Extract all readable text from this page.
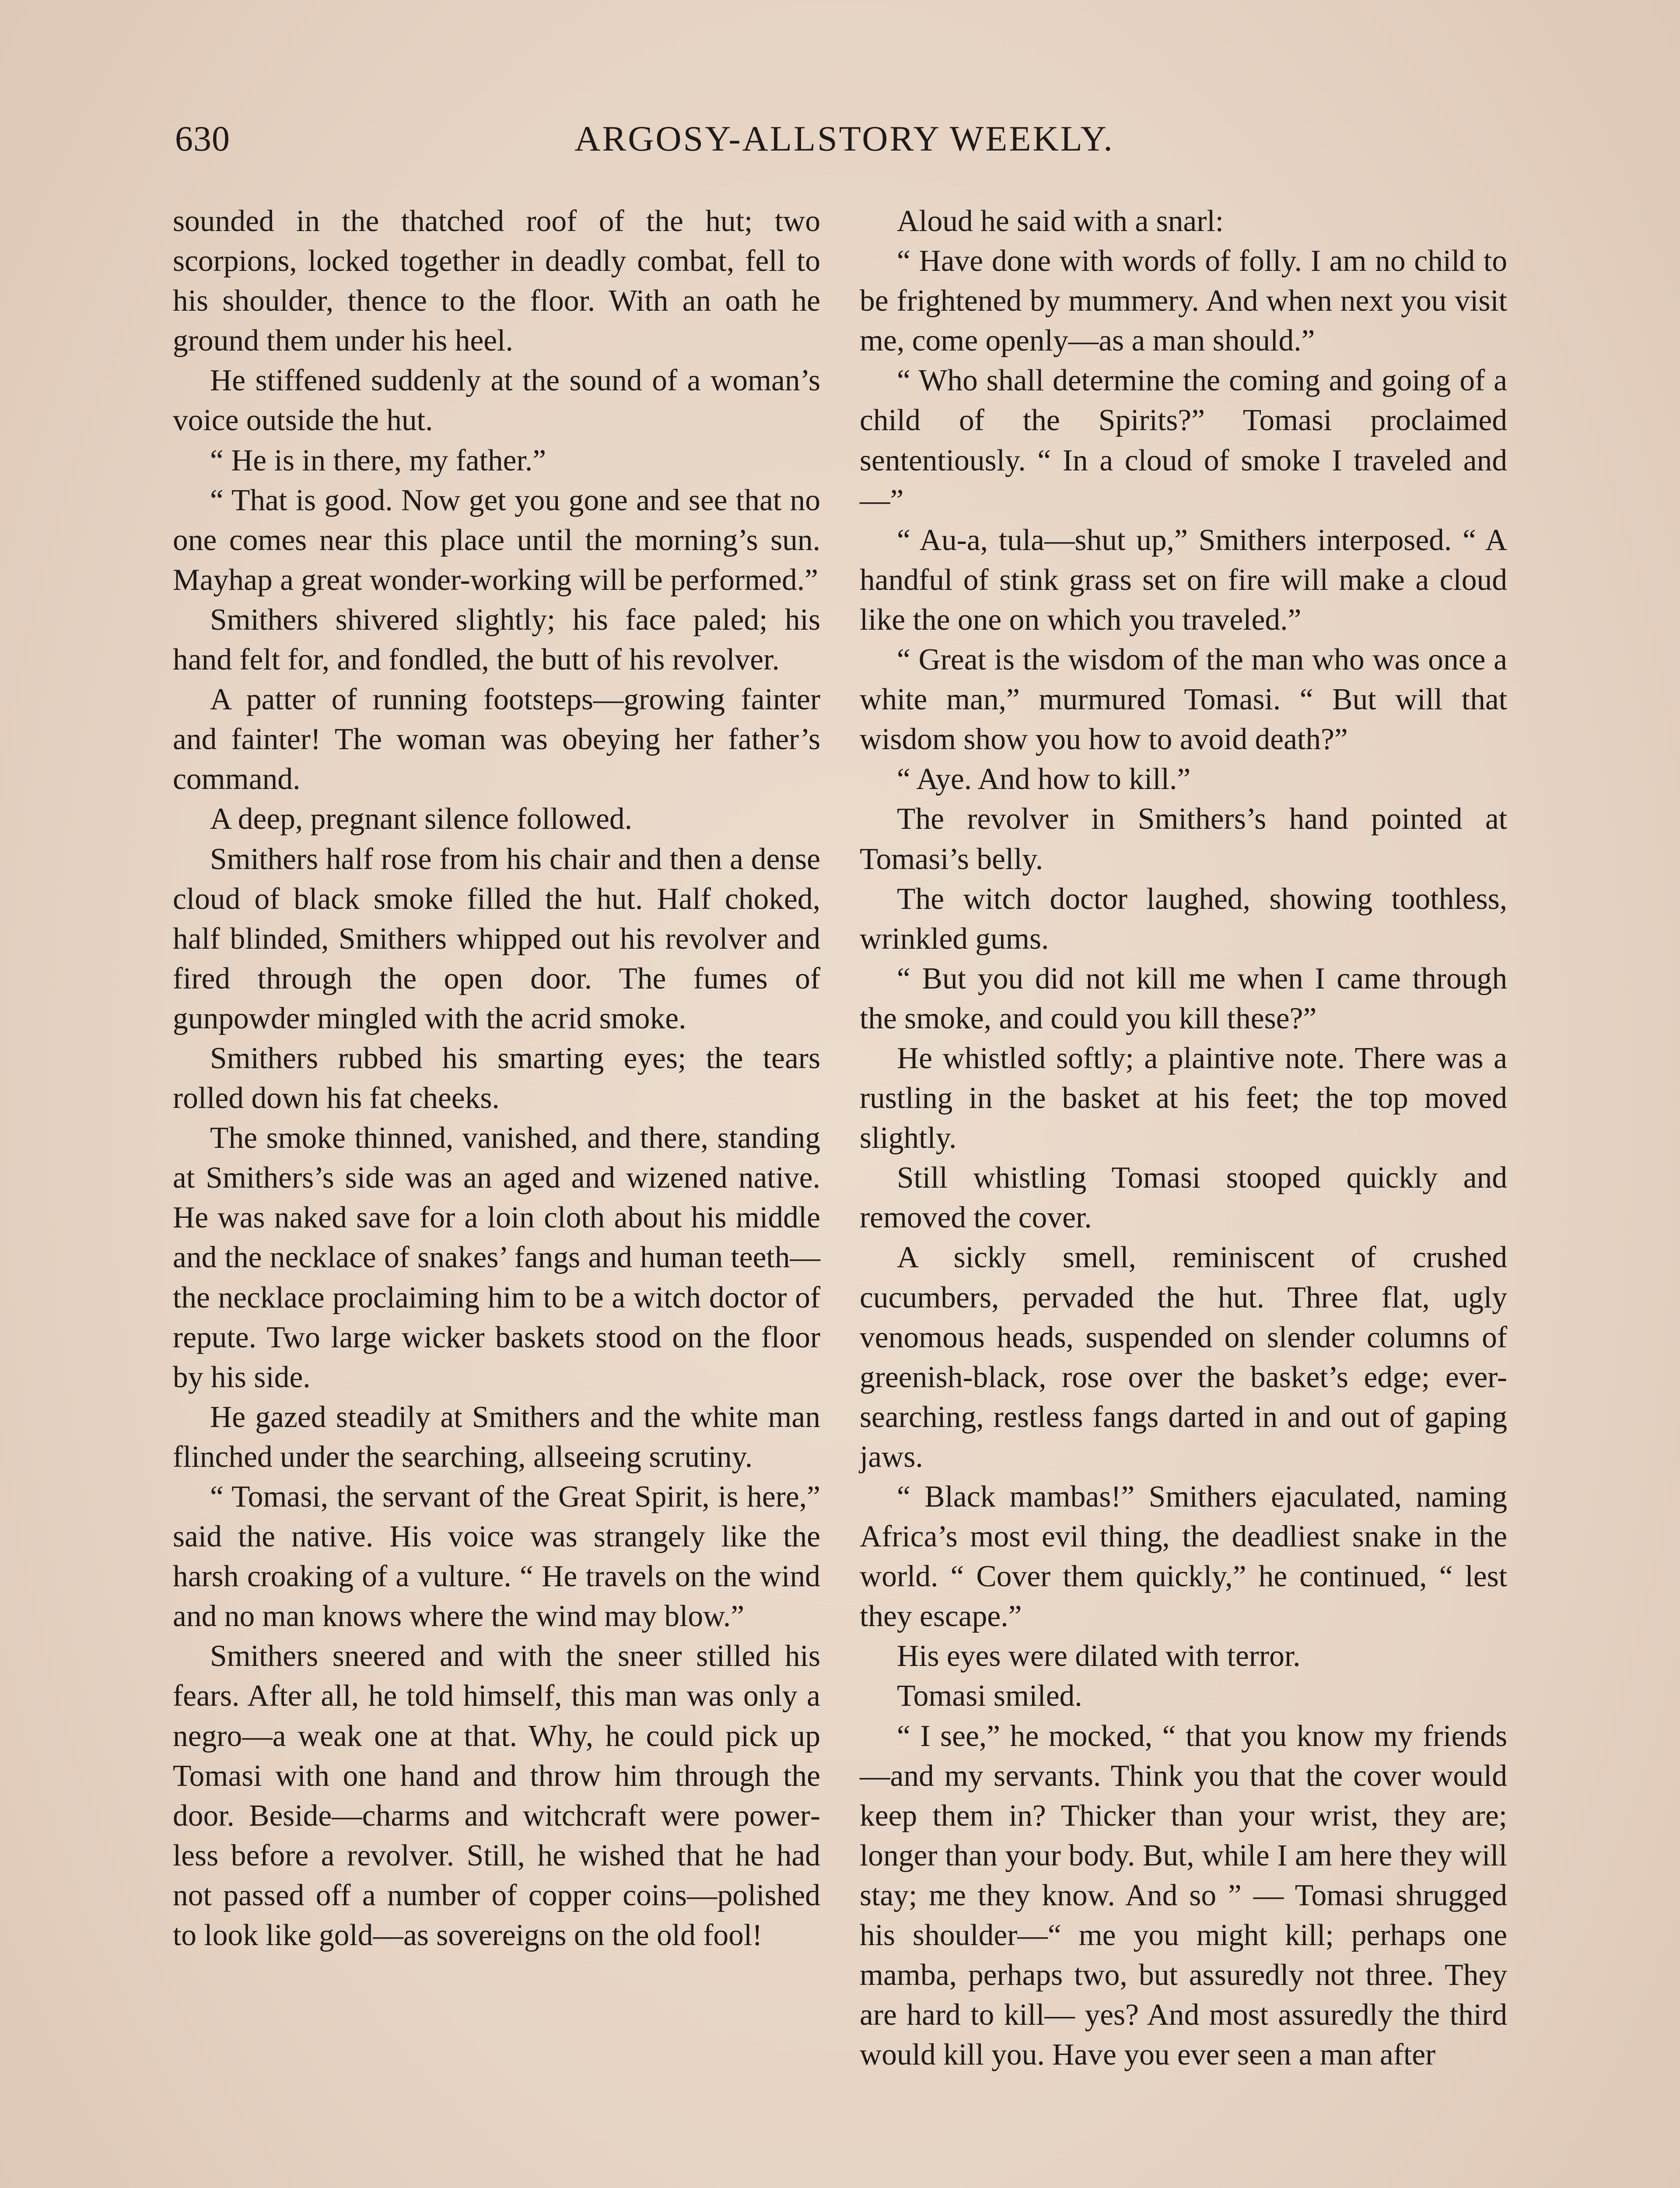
630	ARGOSY-ALLSTORY WEEKLY.

sounded in the thatched roof of the hut; two scorpions, locked together in deadly combat, fell to his shoulder, thence to the floor. With an oath he ground them under his heel.

He stiffened suddenly at the sound of a woman’s voice outside the hut.

“ He is in there, my father.”

“ That is good. Now get you gone and see that no one comes near this place until the morning’s sun. Mayhap a great wonder-working will be performed.”

Smithers shivered slightly; his face paled; his hand felt for, and fondled, the butt of his revolver.

A patter of running footsteps—growing fainter and fainter! The woman was obeying her father’s command.

A deep, pregnant silence followed.

Smithers half rose from his chair and then a dense cloud of black smoke filled the hut. Half choked, half blinded, Smithers whipped out his revolver and fired through the open door. The fumes of gunpowder mingled with the acrid smoke.

Smithers rubbed his smarting eyes; the tears rolled down his fat cheeks.

The smoke thinned, vanished, and there, standing at Smithers’s side was an aged and wizened native. He was naked save for a loin cloth about his middle and the necklace of snakes’ fangs and human teeth— the necklace proclaiming him to be a witch doctor of repute. Two large wicker baskets stood on the floor by his side.

He gazed steadily at Smithers and the white man flinched under the searching, allseeing scrutiny.

“ Tomasi, the servant of the Great Spirit, is here,” said the native. His voice was strangely like the harsh croaking of a vulture. “ He travels on the wind and no man knows where the wind may blow.”

Smithers sneered and with the sneer stilled his fears. After all, he told himself, this man was only a negro—a weak one at that. Why, he could pick up Tomasi with one hand and throw him through the door. Beside—charms and witchcraft were powerless before a revolver. Still, he wished that he had not passed off a number of copper coins—polished to look like gold—as sovereigns on the old fool!

Aloud he said with a snarl:

“ Have done with words of folly. I am no child to be frightened by mummery. And when next you visit me, come openly—as a man should.”

“ Who shall determine the coming and going of a child of the Spirits?” Tomasi proclaimed sententiously. “ In a cloud of smoke I traveled and—”

“ Au-a, tula—shut up,” Smithers interposed. “ A handful of stink grass set on fire will make a cloud like the one on which you traveled.”

“ Great is the wisdom of the man who was once a white man,” murmured Tomasi. “ But will that wisdom show you how to avoid death?”

“ Aye. And how to kill.”

The revolver in Smithers’s hand pointed at Tomasi’s belly.

The witch doctor laughed, showing toothless, wrinkled gums.

“ But you did not kill me when I came through the smoke, and could you kill these?”

He whistled softly; a plaintive note. There was a rustling in the basket at his feet; the top moved slightly.

Still whistling Tomasi stooped quickly and removed the cover.

A sickly smell, reminiscent of crushed cucumbers, pervaded the hut. Three flat, ugly venomous heads, suspended on slender columns of greenish-black, rose over the basket’s edge; ever-searching, restless fangs darted in and out of gaping jaws.

“ Black mambas!” Smithers ejaculated, naming Africa’s most evil thing, the deadliest snake in the world. “ Cover them quickly,” he continued, “ lest they escape.”

His eyes were dilated with terror.

Tomasi smiled.

“ I see,” he mocked, “ that you know my friends—and my servants. Think you that the cover would keep them in? Thicker than your wrist, they are; longer than your body. But, while I am here they will stay; me they know. And so ” — Tomasi shrugged his shoulder—“ me you might kill; perhaps one mamba, perhaps two, but assuredly not three. They are hard to kill— yes? And most assuredly the third would kill you. Have you ever seen a man after
